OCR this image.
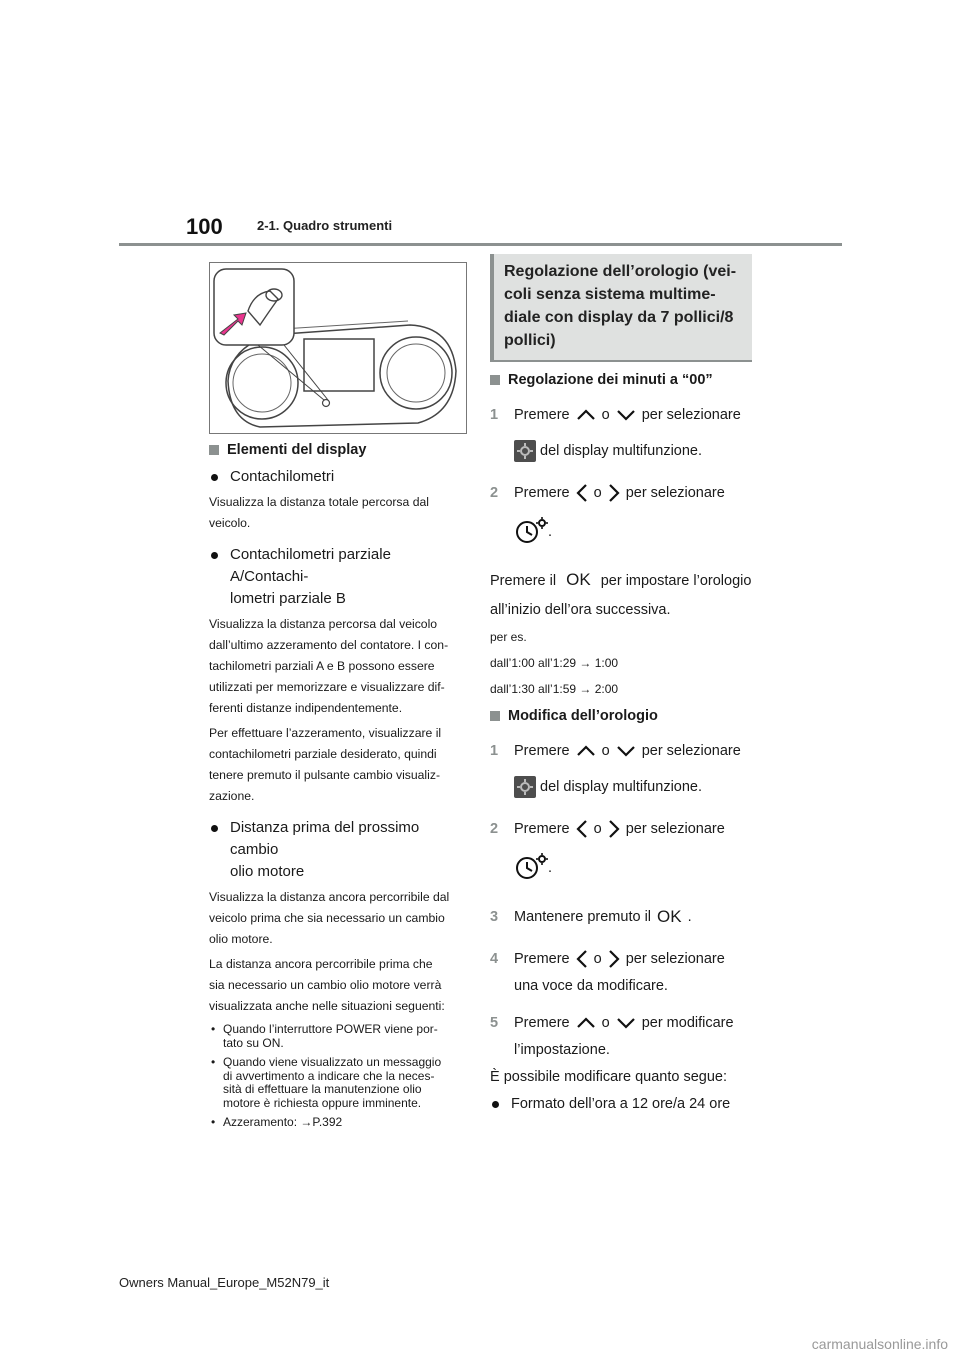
100	2-1. Quadro strumenti
Elementi del display
Contachilometri

Visualizza la distanza totale percorsa dal

veicolo.

Contachilometri parziale A/Contachi-
lometri parziale B

Visualizza la distanza percorsa dal veicolo

dall’ultimo azzeramento del contatore. I con-

tachilometri parziali A e B possono essere

utilizzati per memorizzare e visualizzare dif-

ferenti distanze indipendentemente.

Per effettuare l’azzeramento, visualizzare il

contachilometri parziale desiderato, quindi

tenere premuto il pulsante cambio visualiz-

zazione.

Distanza prima del prossimo cambio
olio motore

Visualizza la distanza ancora percorribile dal

veicolo prima che sia necessario un cambio

olio motore.

La distanza ancora percorribile prima che

sia necessario un cambio olio motore verrà

visualizzata anche nelle situazioni seguenti:

• Quando l’interruttore POWER viene por-
tato su ON.
• Quando viene visualizzato un messaggio
di avvertimento a indicare che la neces-
sità di effettuare la manutenzione olio
motore è richiesta oppure imminente.
• Azzeramento: →P.392
Regolazione dell’orologio (vei-
coli senza sistema multime-
diale con display da 7 pollici/8
pollici)
Regolazione dei minuti a “00”
1	Premere o per selezionare
del display multifunzione.
2	Premere o per selezionare
.

Premere il OK per impostare l’orologio

all’inizio dell’ora successiva.

per es.

dall’1:00 all’1:29 → 1:00

dall’1:30 all’1:59 → 2:00

Modifica dell’orologio
1	Premere o per selezionare
del display multifunzione.
2	Premere o per selezionare
.
3	Mantenere premuto il OK .
4	Premere o per selezionare
una voce da modificare.
5	Premere o per modificare
l’impostazione.

È possibile modificare quanto segue:

Formato dell’ora a 12 ore/a 24 ore
Owners Manual_Europe_M52N79_it
carmanualsonline.info
